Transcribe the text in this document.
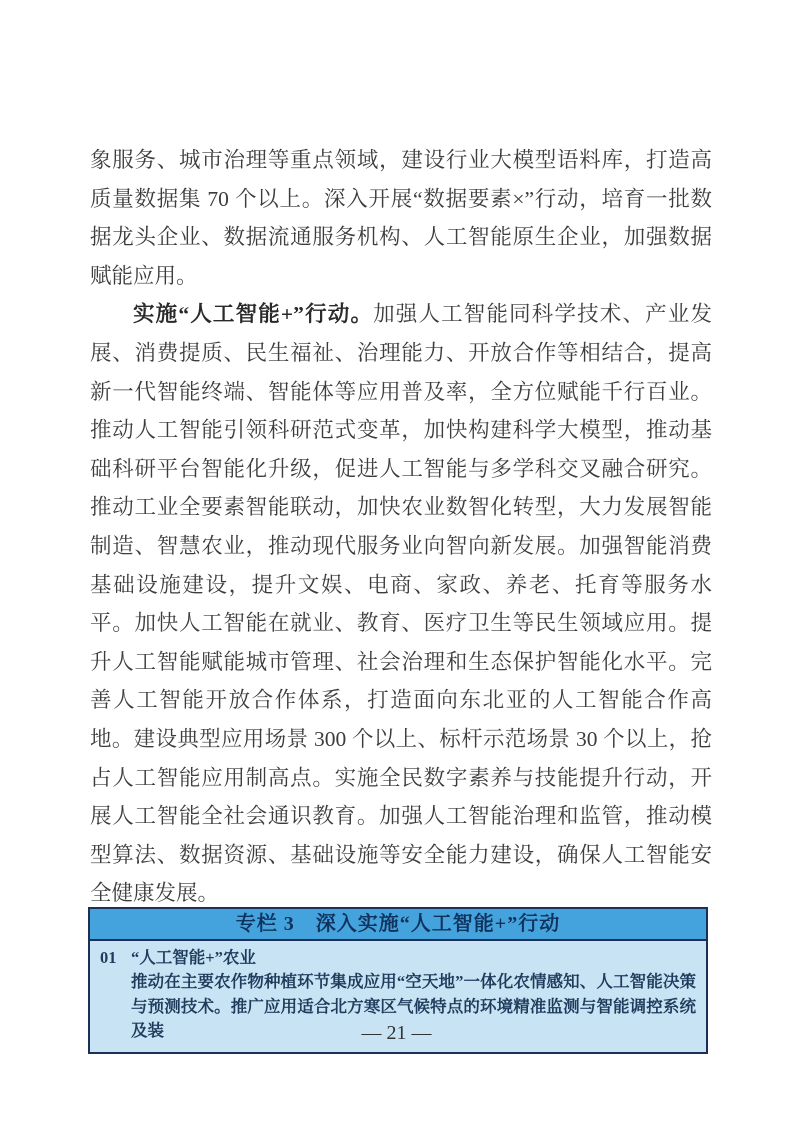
象服务、城市治理等重点领域，建设行业大模型语料库，打造高质量数据集 70 个以上。深入开展“数据要素×”行动，培育一批数据龙头企业、数据流通服务机构、人工智能原生企业，加强数据赋能应用。

实施“人工智能+”行动。加强人工智能同科学技术、产业发展、消费提质、民生福祉、治理能力、开放合作等相结合，提高新一代智能终端、智能体等应用普及率，全方位赋能千行百业。推动人工智能引领科研范式变革，加快构建科学大模型，推动基础科研平台智能化升级，促进人工智能与多学科交叉融合研究。推动工业全要素智能联动，加快农业数智化转型，大力发展智能制造、智慧农业，推动现代服务业向智向新发展。加强智能消费基础设施建设，提升文娱、电商、家政、养老、托育等服务水平。加快人工智能在就业、教育、医疗卫生等民生领域应用。提升人工智能赋能城市管理、社会治理和生态保护智能化水平。完善人工智能开放合作体系，打造面向东北亚的人工智能合作高地。建设典型应用场景 300 个以上、标杆示范场景 30 个以上，抢占人工智能应用制高点。实施全民数字素养与技能提升行动，开展人工智能全社会通识教育。加强人工智能治理和监管，推动模型算法、数据资源、基础设施等安全能力建设，确保人工智能安全健康发展。

专栏 3　深入实施“人工智能+”行动
01 “人工智能+”农业
推动在主要农作物种植环节集成应用“空天地”一体化农情感知、人工智能决策与预测技术。推广应用适合北方寒区气候特点的环境精准监测与智能调控系统及装	— 21 —
